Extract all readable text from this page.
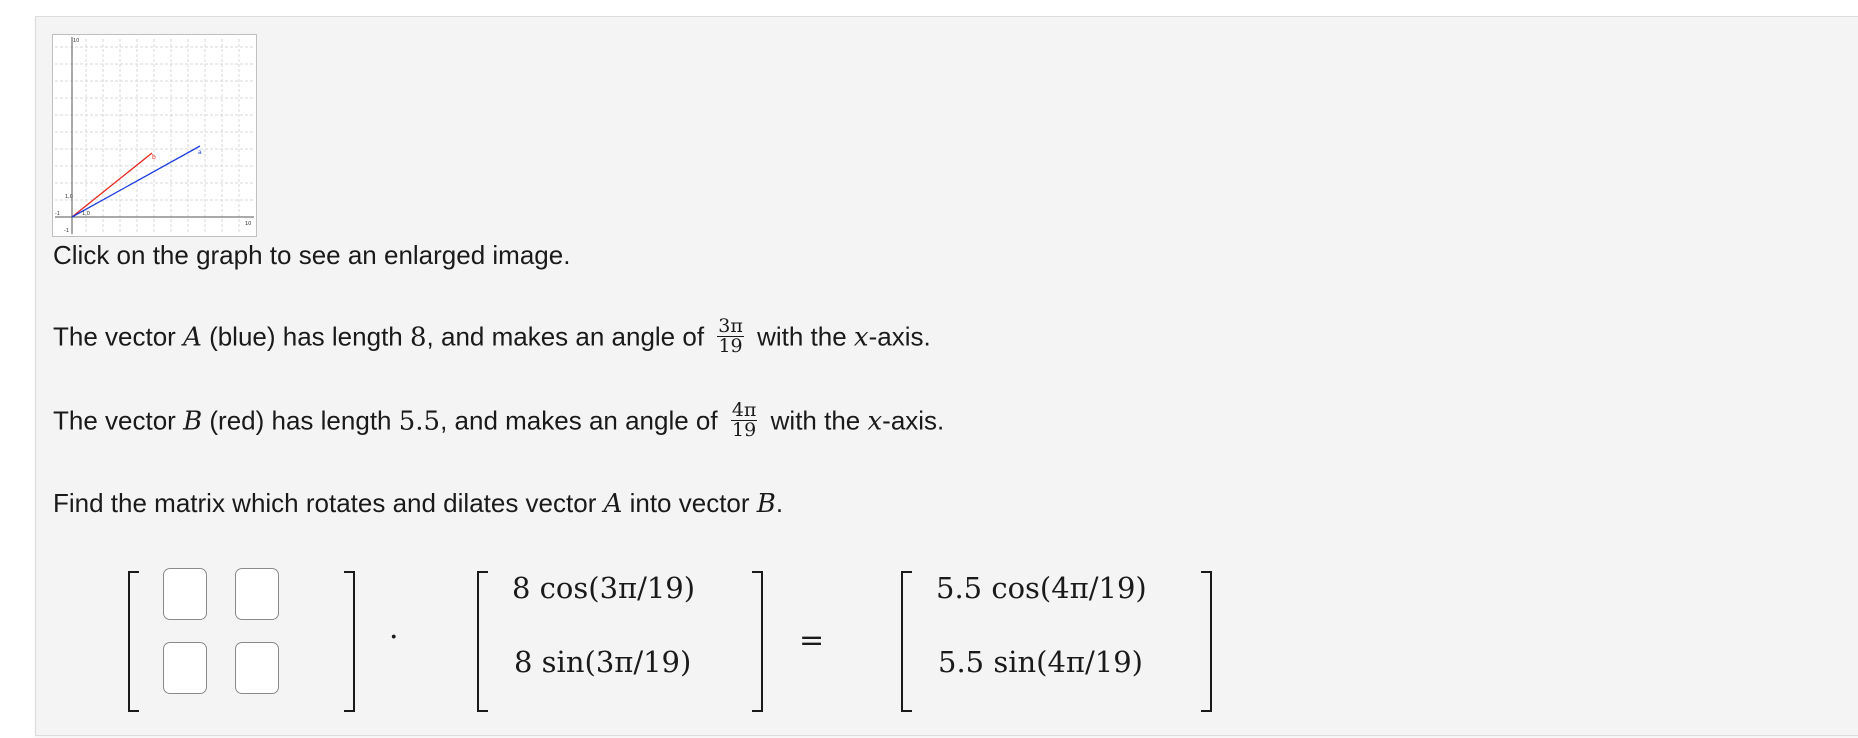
b
a
10
10
-1
-1
1,0
1,0
Click on the graph to see an enlarged image.
The vector A (blue) has length 8, and makes an angle of $\frac{3\pi}{19}$ with the x-axis.
The vector B (red) has length 5.5, and makes an angle of $\frac{4\pi}{19}$ with the x-axis.
Find the matrix which rotates and dilates vector A into vector B.
·
8 cos(3π/19)
8 sin(3π/19)
=
5.5 cos(4π/19)
5.5 sin(4π/19)
